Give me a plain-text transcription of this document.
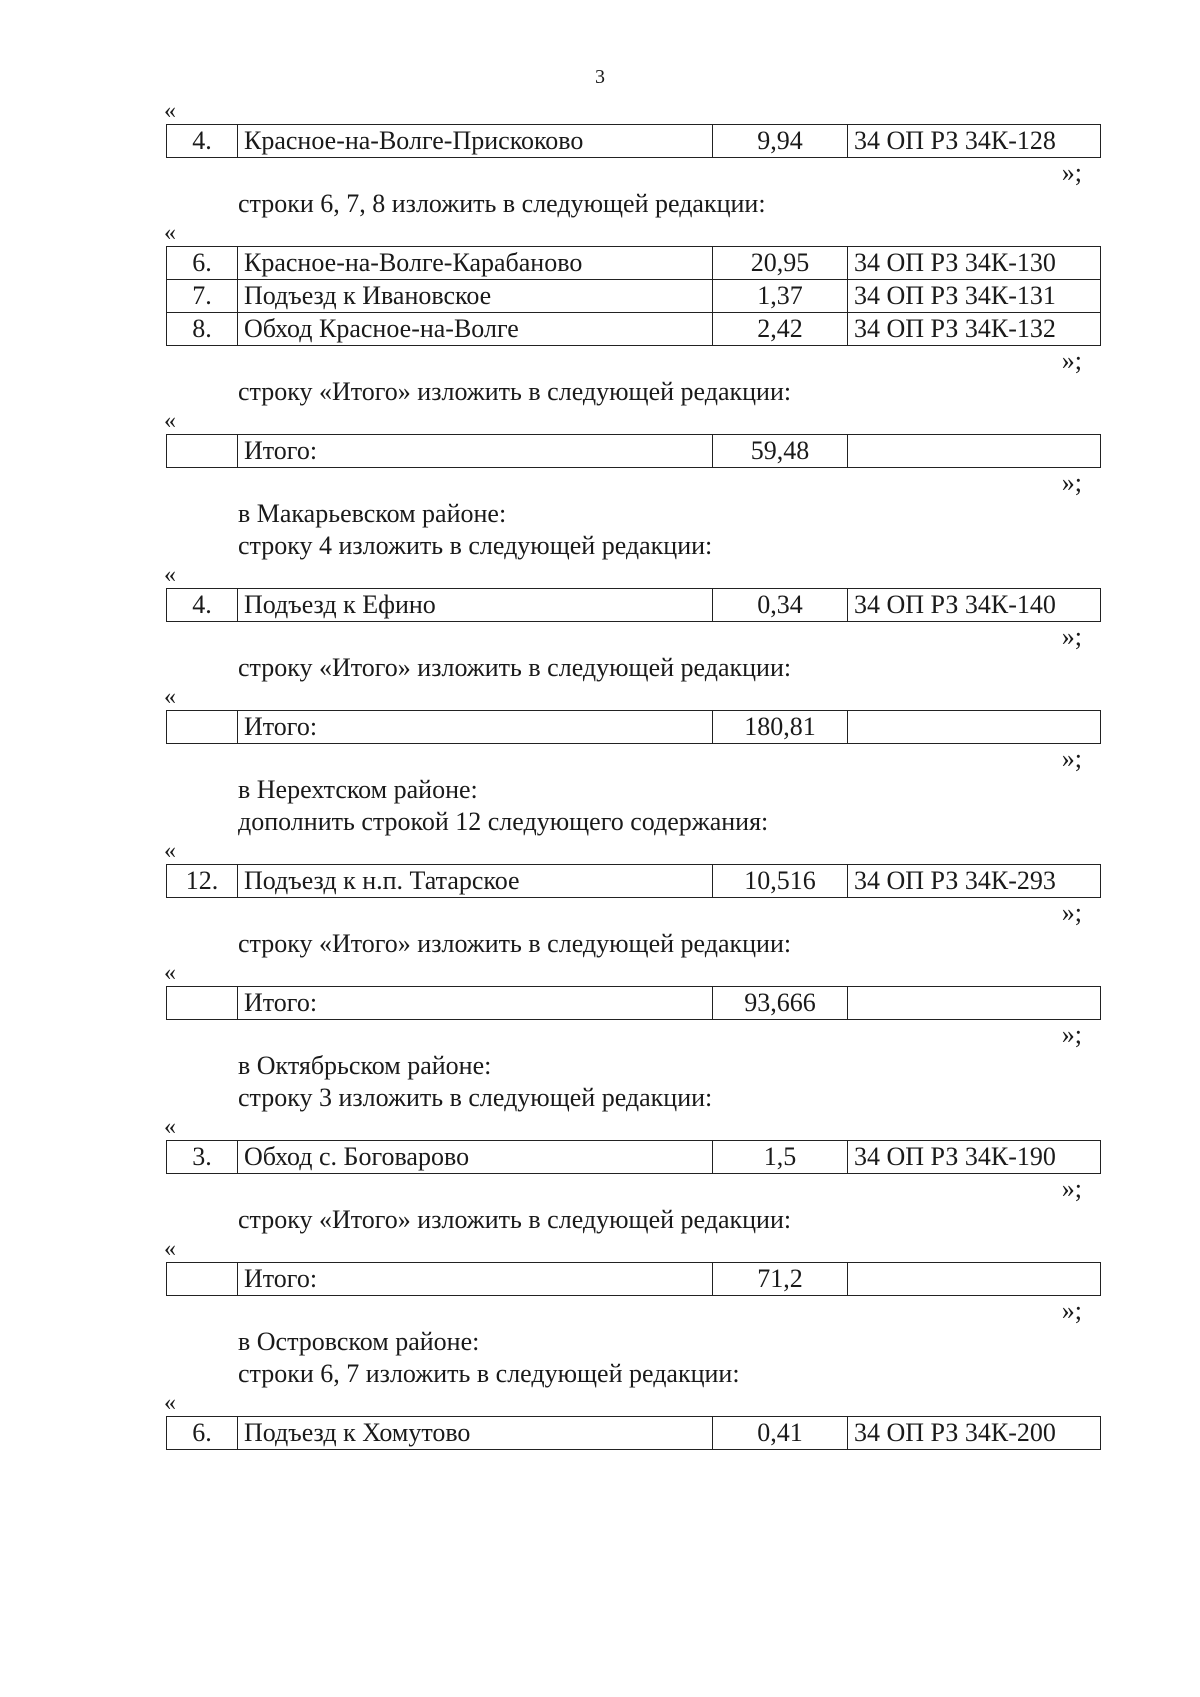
3
«
4.	Красное-на-Волге-Прискоково	9,94	34 ОП РЗ 34К-128
»;
строки 6, 7, 8 изложить в следующей редакции:
«
6.	Красное-на-Волге-Карабаново	20,95	34 ОП РЗ 34К-130
7.	Подъезд к Ивановское	1,37	34 ОП РЗ 34К-131
8.	Обход Красное-на-Волге	2,42	34 ОП РЗ 34К-132
»;
строку «Итого» изложить в следующей редакции:
«
	Итого:	59,48	
»;
в Макарьевском районе:
строку 4 изложить в следующей редакции:
«
4.	Подъезд к Ефино	0,34	34 ОП РЗ 34К-140
»;
строку «Итого» изложить в следующей редакции:
«
	Итого:	180,81	
»;
в Нерехтском районе:
дополнить строкой 12 следующего содержания:
«
12.	Подъезд к н.п. Татарское	10,516	34 ОП РЗ 34К-293
»;
строку «Итого» изложить в следующей редакции:
«
	Итого:	93,666	
»;
в Октябрьском районе:
строку 3 изложить в следующей редакции:
«
3.	Обход с. Боговарово	1,5	34 ОП РЗ 34К-190
»;
строку «Итого» изложить в следующей редакции:
«
	Итого:	71,2	
»;
в Островском районе:
строки 6, 7 изложить в следующей редакции:
«
6.	Подъезд к Хомутово	0,41	34 ОП РЗ 34К-200
